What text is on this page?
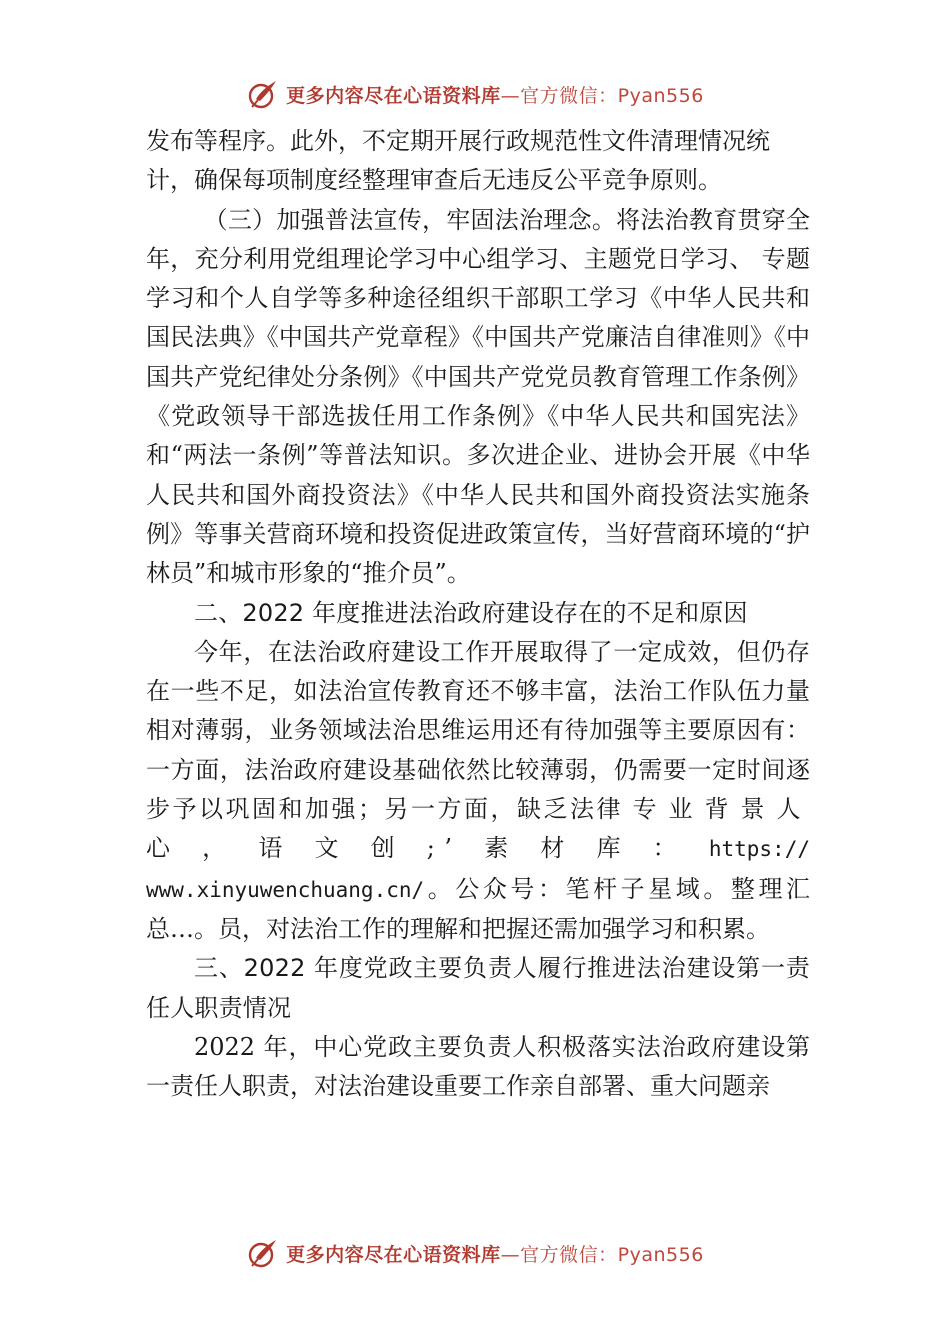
更多内容尽在心语资料库 —官方微信：Pyan556

发布等程序。此外，不定期开展行政规范性文件清理情况统

计，确保每项制度经整理审查后无违反公平竞争原则。

（三）加强普法宣传，牢固法治理念。将法治教育贯穿全年，充分利用党组理论学习中心组学习、主题党日学习、 专题学习和个人自学等多种途径组织干部职工学习《中华人民共和国民法典》《中国共产党章程》《中国共产党廉洁自律准则》《中国共产党纪律处分条例》《中国共产党党员教育管理工作条例》《党政领导干部选拔任用工作条例》《中华人民共和国宪法》和“两法一条例”等普法知识。多次进企业、进协会开展《中华人民共和国外商投资法》《中华人民共和国外商投资法实施条例》等事关营商环境和投资促进政策宣传，当好营商环境的“护林员”和城市形象的“推介员”。

二、2022 年度推进法治政府建设存在的不足和原因

今年，在法治政府建设工作开展取得了一定成效，但仍存在一些不足，如法治宣传教育还不够丰富，法治工作队伍力量相对薄弱，业务领域法治思维运用还有待加强等主要原因有：一方面，法治政府建设基础依然比较薄弱，仍需要一定时间逐步予以巩固和加强；另一方面，缺乏法律专业背景人心，语文创;’素材库：https:// www.xinyuwenchuang.cn/。公众号：笔杆子星域。整理汇总…。员，对法治工作的理解和把握还需加强学习和积累。

三、2022 年度党政主要负责人履行推进法治建设第一责任人职责情况

2022 年，中心党政主要负责人积极落实法治政府建设第一责任人职责，对法治建设重要工作亲自部署、重大问题亲

更多内容尽在心语资料库 —官方微信：Pyan556
